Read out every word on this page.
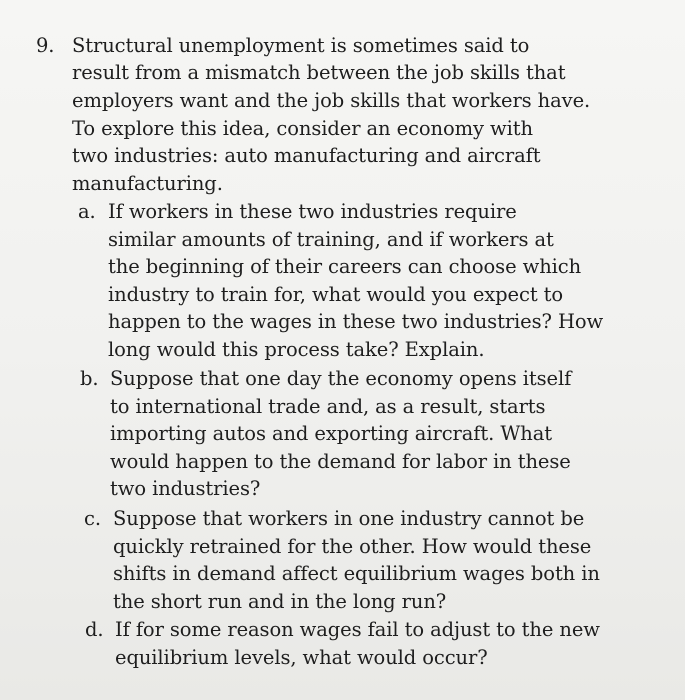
9. Structural unemployment is sometimes said to
result from a mismatch between the job skills that
employers want and the job skills that workers have.
To explore this idea, consider an economy with
two industries: auto manufacturing and aircraft
manufacturing.
a. If workers in these two industries require
similar amounts of training, and if workers at
the beginning of their careers can choose which
industry to train for, what would you expect to
happen to the wages in these two industries? How
long would this process take? Explain.
b. Suppose that one day the economy opens itself
to international trade and, as a result, starts
importing autos and exporting aircraft. What
would happen to the demand for labor in these
two industries?
c. Suppose that workers in one industry cannot be
quickly retrained for the other. How would these
shifts in demand affect equilibrium wages both in
the short run and in the long run?
d. If for some reason wages fail to adjust to the new
equilibrium levels, what would occur?
